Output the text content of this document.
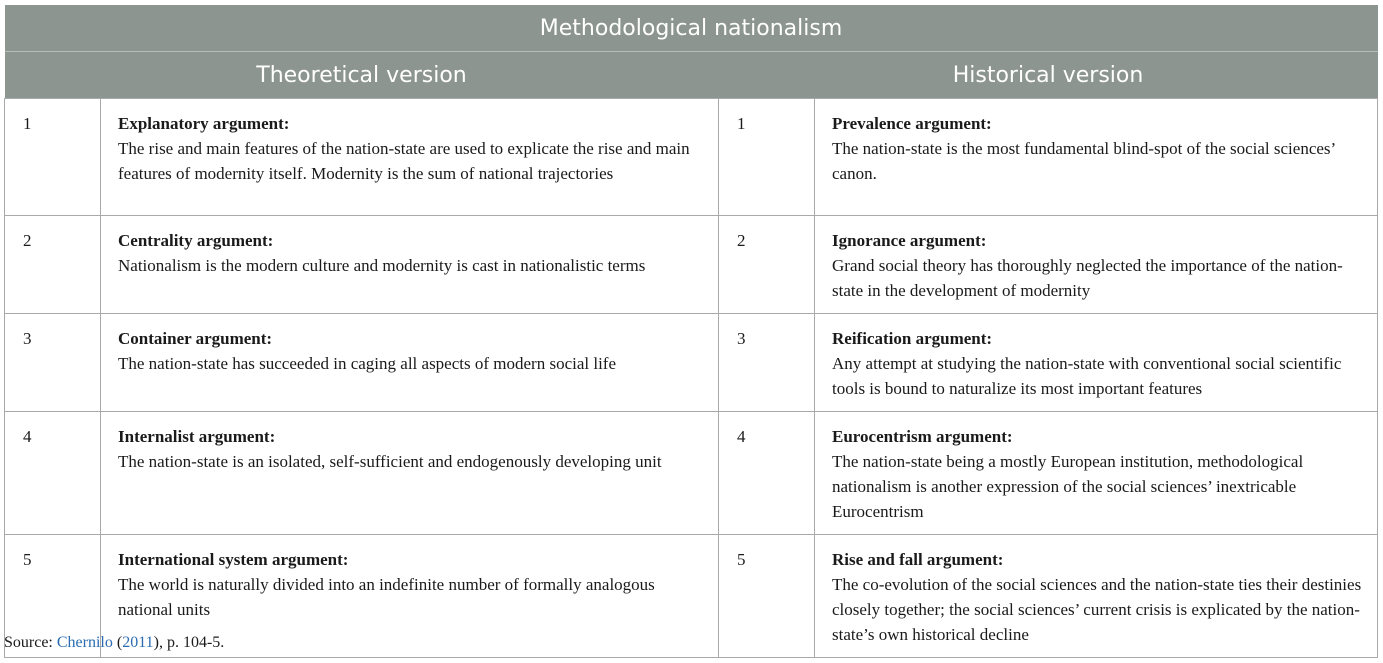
Methodological nationalism			
Theoretical version		Historical version	
1	Explanatory argument:
The rise and main features of the nation-state are used to explicate the rise and main features of modernity itself. Modernity is the sum of national trajectories	1	Prevalence argument:
The nation-state is the most fundamental blind-spot of the social sciences’ canon.

2	Centrality argument:
Nationalism is the modern culture and modernity is cast in nationalistic terms	2	Ignorance argument:
Grand social theory has thoroughly neglected the importance of the nation-state in the development of modernity

3	Container argument:
The nation-state has succeeded in caging all aspects of modern social life	3	Reification argument:
Any attempt at studying the nation-state with conventional social scientific tools is bound to naturalize its most important features

4	Internalist argument:
The nation-state is an isolated, self-sufficient and endogenously developing unit	4	Eurocentrism argument:
The nation-state being a mostly European institution, methodological nationalism is another expression of the social sciences’ inextricable Eurocentrism

5	International system argument:
The world is naturally divided into an indefinite number of formally analogous national units	5	Rise and fall argument:
The co-evolution of the social sciences and the nation-state ties their destinies closely together; the social sciences’ current crisis is explicated by the nation- state’s own historical decline
Source: Chernilo (2011), p. 104-5.
